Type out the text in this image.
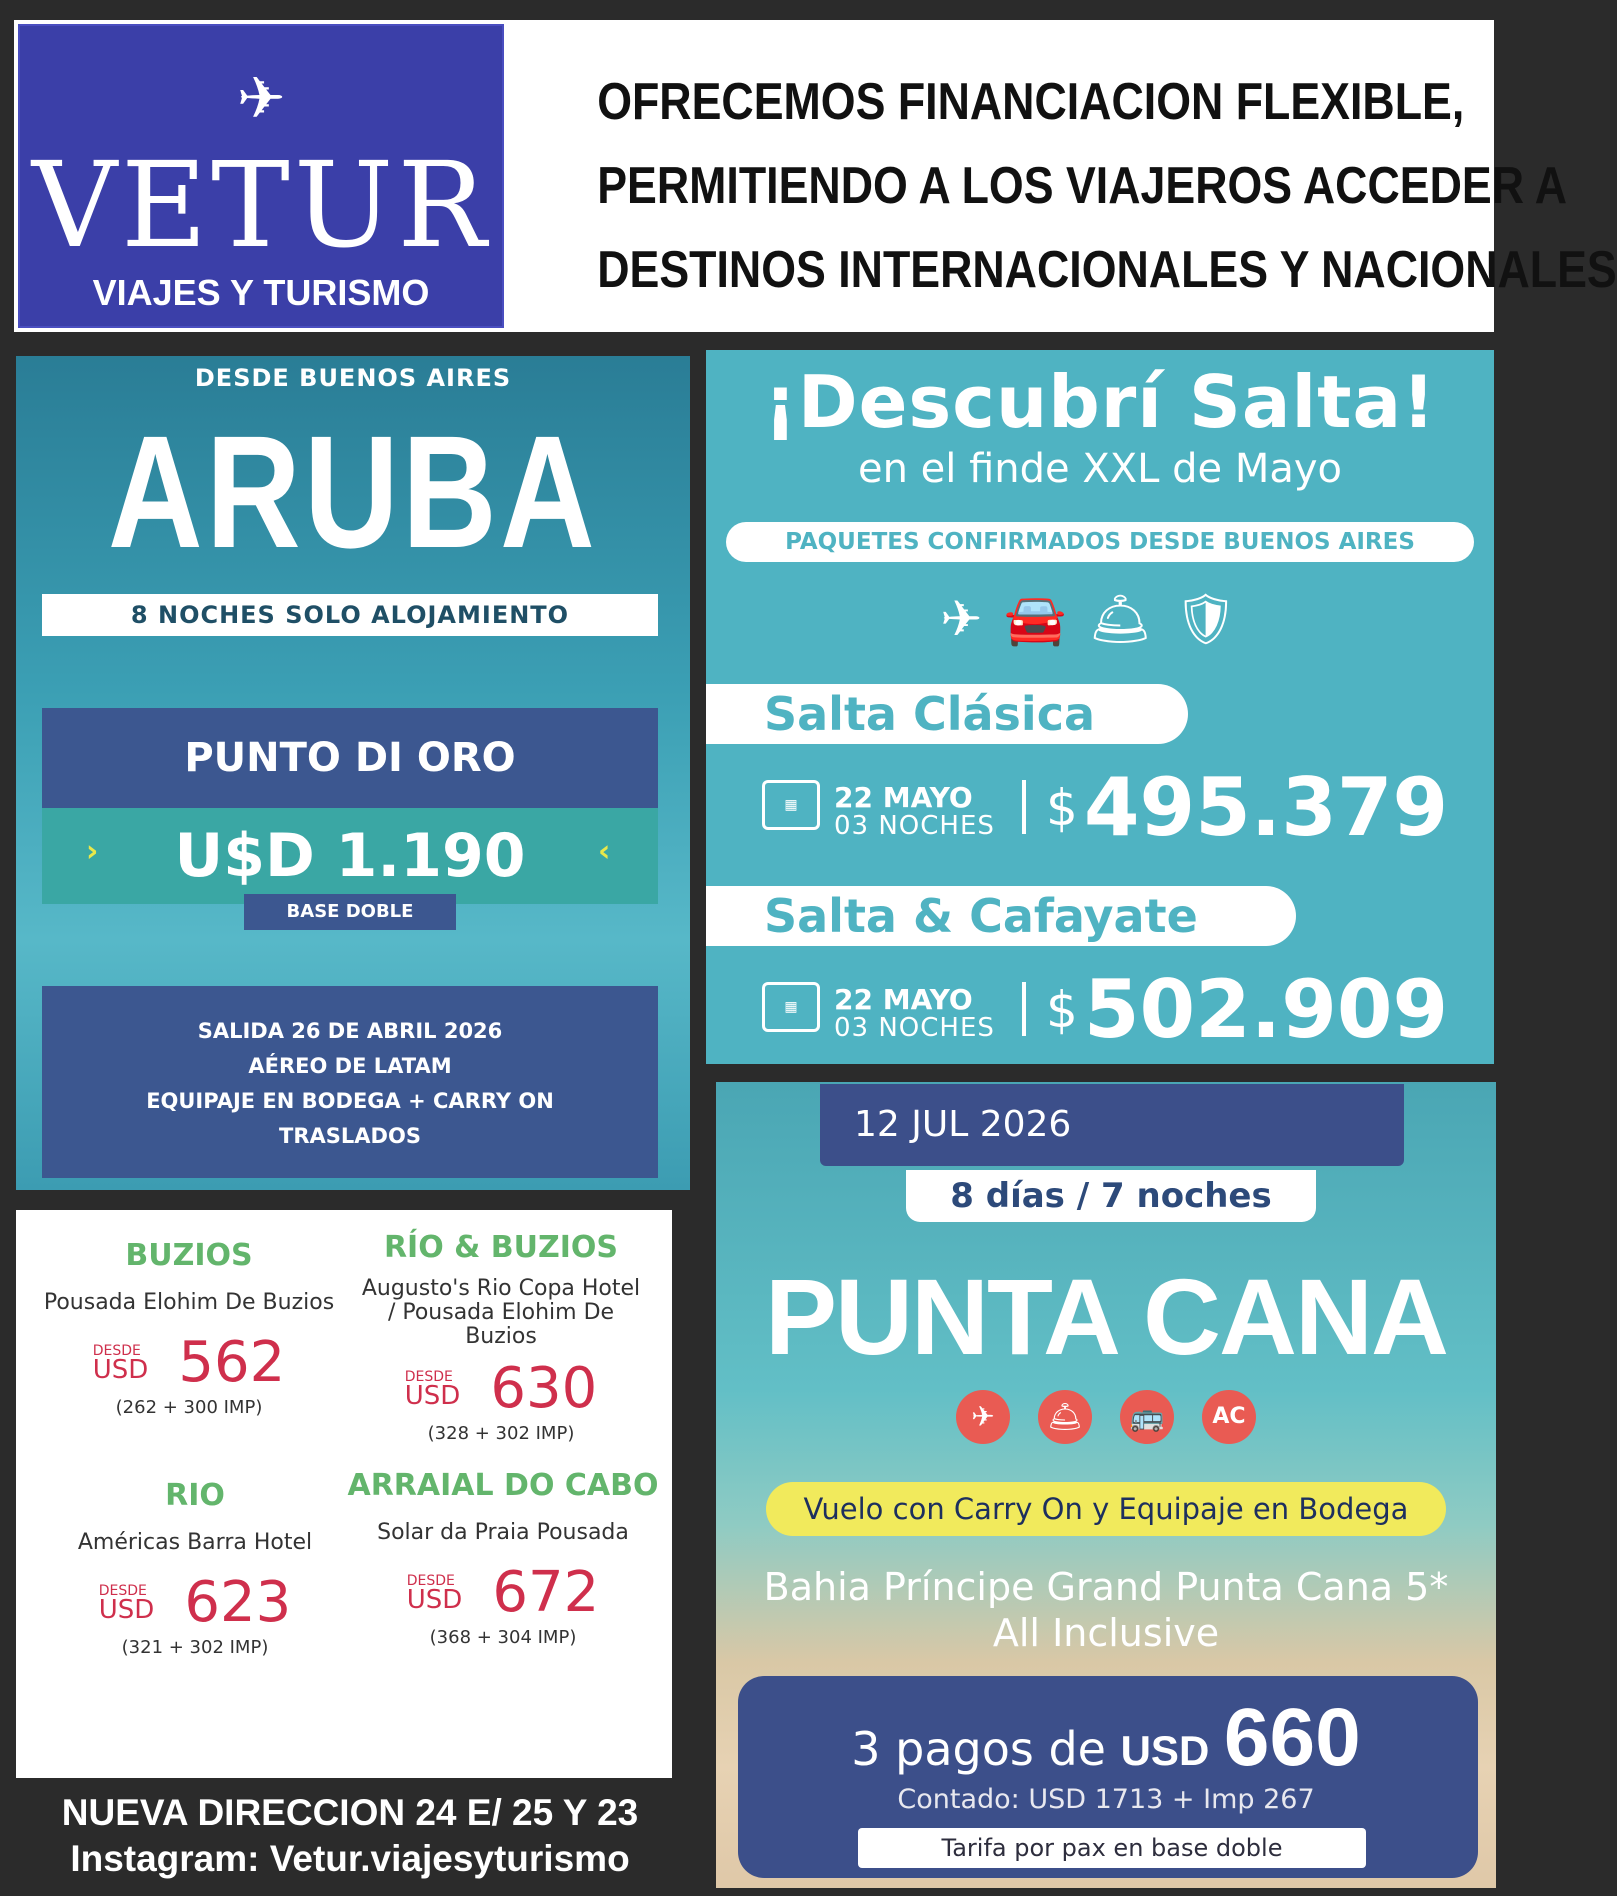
✈
VETUR
VIAJES Y TURISMO
OFRECEMOS FINANCIACION FLEXIBLE,
PERMITIENDO A LOS VIAJEROS ACCEDER A
DESTINOS INTERNACIONALES Y NACIONALES
DESDE BUENOS AIRES
ARUBA
8 NOCHES SOLO ALOJAMIENTO
PUNTO DI ORO
U$D 1.190
›	‹
BASE DOBLE
SALIDA 26 DE ABRIL 2026
AÉREO DE LATAM
EQUIPAJE EN BODEGA + CARRY ON
TRASLADOS
¡Descubrí Salta!
en el finde XXL de Mayo
PAQUETES CONFIRMADOS DESDE BUENOS AIRES
✈🚘🛎🛡
Salta Clásica
▦	22 MAYO
03 NOCHES $495.379
Salta & Cafayate
▦	22 MAYO
03 NOCHES $502.909
BUZIOS
Pousada Elohim De Buzios
DESDE
USD 562
(262 + 300 IMP)
RÍO & BUZIOS
Augusto's Rio Copa Hotel / Pousada Elohim De Buzios
DESDE
USD 630
(328 + 302 IMP)
RIO
Américas Barra Hotel
DESDE
USD 623
(321 + 302 IMP)
ARRAIAL DO CABO
Solar da Praia Pousada
DESDE
USD 672
(368 + 304 IMP)
NUEVA DIRECCION 24 E/ 25 Y 23
Instagram: Vetur.viajesyturismo
12 JUL 2026
8 días / 7 noches
PUNTA CANA
✈	🛎	🚌	AC
Vuelo con Carry On y Equipaje en Bodega
Bahia Príncipe Grand Punta Cana 5*
All Inclusive
3 pagos de USD 660
Contado: USD 1713 + Imp 267
Tarifa por pax en base doble
